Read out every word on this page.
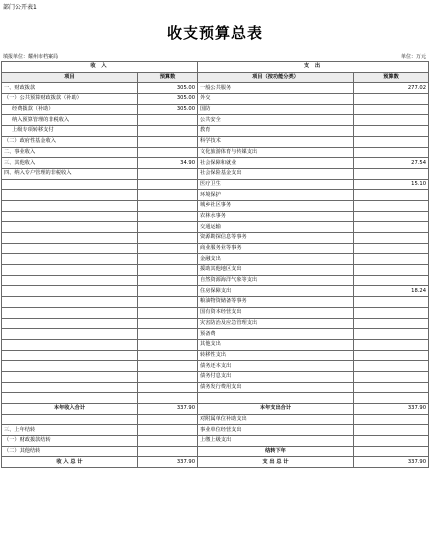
部门公开表1
收支预算总表
填报单位：耀州市档案局	单位：万元
收 入		支 出	
项目	预算数	项目（按功能分类）	预算数
一、财政拨款	305.00	一般公共服务	277.02
（一）公共预算财政拨款（补助）	305.00	外交	
经费拨款（补助）	305.00	国防	
纳入预算管理的非税收入		公共安全	
上级专项转移支付		教育	
（二）政府性基金收入		科学技术	
二、事业收入		文化旅游体育与传媒支出	
三、其他收入	34.90	社会保障和就业	27.54
四、纳入专户管理的非税收入		社会保险基金支出	
		医疗卫生	15.10
		环境保护	
		城乡社区事务	
		农林水事务	
		交通运输	
		资源勘探信息等事务	
		商业服务业等事务	
		金融支出	
		援助其他地区支出	
		自然资源海洋气象等支出	
		住房保障支出	18.24
		粮油物资储备等事务	
		国有资本经营支出	
		灾害防治及应急管理支出	
		预备费	
		其他支出	
		转移性支出	
		债务还本支出	
		债务付息支出	
		债务发行费用支出	

本年收入合计	337.90	本年支出合计	337.90
		对附属单位补助支出	
三、上年结转		事业单位经营支出	
（一）财政拨款结转		上缴上级支出	
（二）其他结转		结转下年	
收 入 总 计	337.90	支 出 总 计	337.90
